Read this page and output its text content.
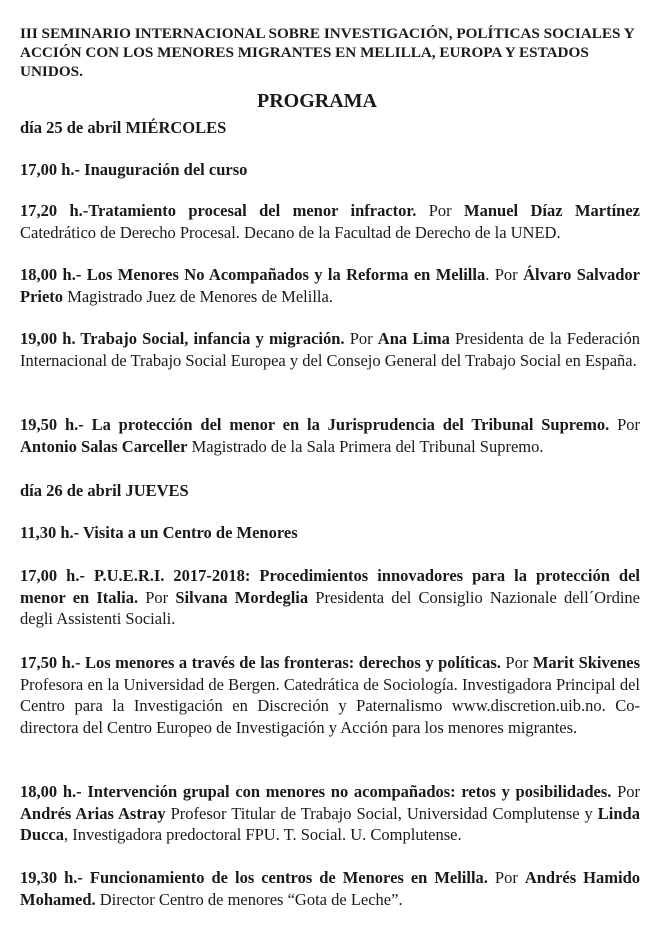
III SEMINARIO INTERNACIONAL SOBRE INVESTIGACIÓN, POLÍTICAS SOCIALES Y ACCIÓN CON LOS MENORES MIGRANTES EN MELILLA, EUROPA Y ESTADOS UNIDOS.
PROGRAMA
día 25 de abril MIÉRCOLES

17,00 h.- Inauguración del curso

17,20 h.-Tratamiento procesal del menor infractor. Por Manuel Díaz Martínez Catedrático de Derecho Procesal. Decano de la Facultad de Derecho de la UNED.

18,00 h.- Los Menores No Acompañados y la Reforma en Melilla. Por Álvaro Salvador Prieto Magistrado Juez de Menores de Melilla.

19,00 h. Trabajo Social, infancia y migración. Por Ana Lima Presidenta de la Federación Internacional de Trabajo Social Europea y del Consejo General del Trabajo Social en España.

19,50 h.- La protección del menor en la Jurisprudencia del Tribunal Supremo. Por Antonio Salas Carceller Magistrado de la Sala Primera del Tribunal Supremo.

día 26 de abril JUEVES

11,30 h.- Visita a un Centro de Menores

17,00 h.- P.U.E.R.I. 2017-2018: Procedimientos innovadores para la protección del menor en Italia. Por Silvana Mordeglia Presidenta del Consiglio Nazionale dell´Ordine degli Assistenti Sociali.

17,50 h.- Los menores a través de las fronteras: derechos y políticas. Por Marit Skivenes Profesora en la Universidad de Bergen. Catedrática de Sociología. Investigadora Principal del Centro para la Investigación en Discreción y Paternalismo www.discretion.uib.no. Co-directora del Centro Europeo de Investigación y Acción para los menores migrantes.

18,00 h.- Intervención grupal con menores no acompañados: retos y posibilidades. Por Andrés Arias Astray Profesor Titular de Trabajo Social, Universidad Complutense y Linda Ducca, Investigadora predoctoral FPU. T. Social. U. Complutense.

19,30 h.- Funcionamiento de los centros de Menores en Melilla. Por Andrés Hamido Mohamed. Director Centro de menores “Gota de Leche”.
